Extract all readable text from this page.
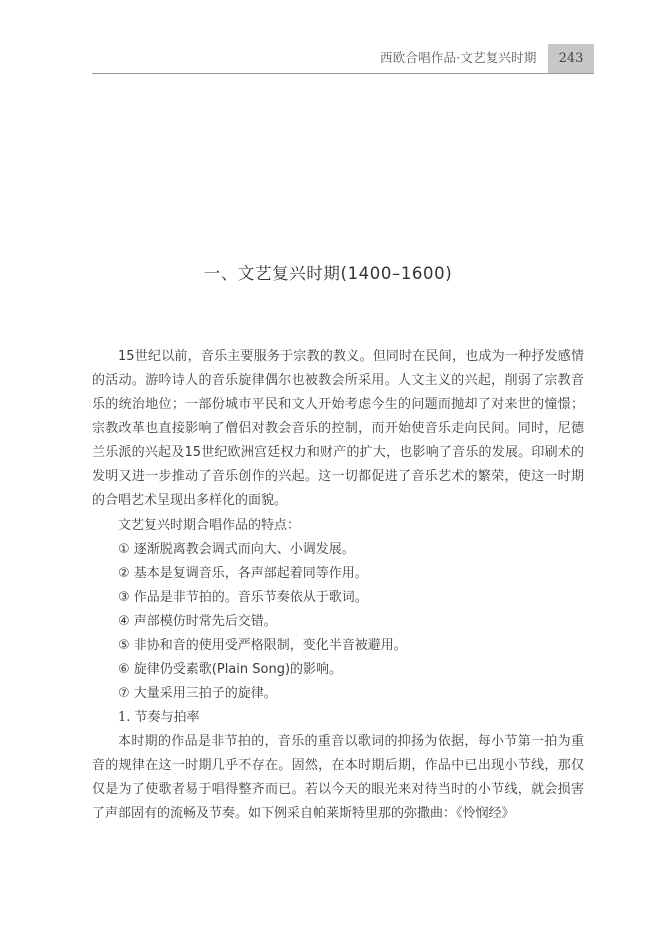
西欧合唱作品·文艺复兴时期	243
一、文艺复兴时期(1400–1600)

15世纪以前，音乐主要服务于宗教的教义。但同时在民间，也成为一种抒发感情的活动。游吟诗人的音乐旋律偶尔也被教会所采用。人文主义的兴起，削弱了宗教音乐的统治地位；一部份城市平民和文人开始考虑今生的问题而抛却了对来世的憧憬；宗教改革也直接影响了僧侣对教会音乐的控制，而开始使音乐走向民间。同时，尼德兰乐派的兴起及15世纪欧洲宫廷权力和财产的扩大，也影响了音乐的发展。印刷术的发明又进一步推动了音乐创作的兴起。这一切都促进了音乐艺术的繁荣，使这一时期的合唱艺术呈现出多样化的面貌。

文艺复兴时期合唱作品的特点：

① 逐渐脱离教会调式而向大、小调发展。

② 基本是复调音乐，各声部起着同等作用。

③ 作品是非节拍的。音乐节奏依从于歌词。

④ 声部模仿时常先后交错。

⑤ 非协和音的使用受严格限制，变化半音被避用。

⑥ 旋律仍受素歌(Plain Song)的影响。

⑦ 大量采用三拍子的旋律。

1. 节奏与拍率

本时期的作品是非节拍的，音乐的重音以歌词的抑扬为依据，每小节第一拍为重音的规律在这一时期几乎不存在。固然，在本时期后期，作品中已出现小节线，那仅仅是为了使歌者易于唱得整齐而已。若以今天的眼光来对待当时的小节线，就会损害了声部固有的流畅及节奏。如下例采自帕莱斯特里那的弥撒曲：《怜悯经》
